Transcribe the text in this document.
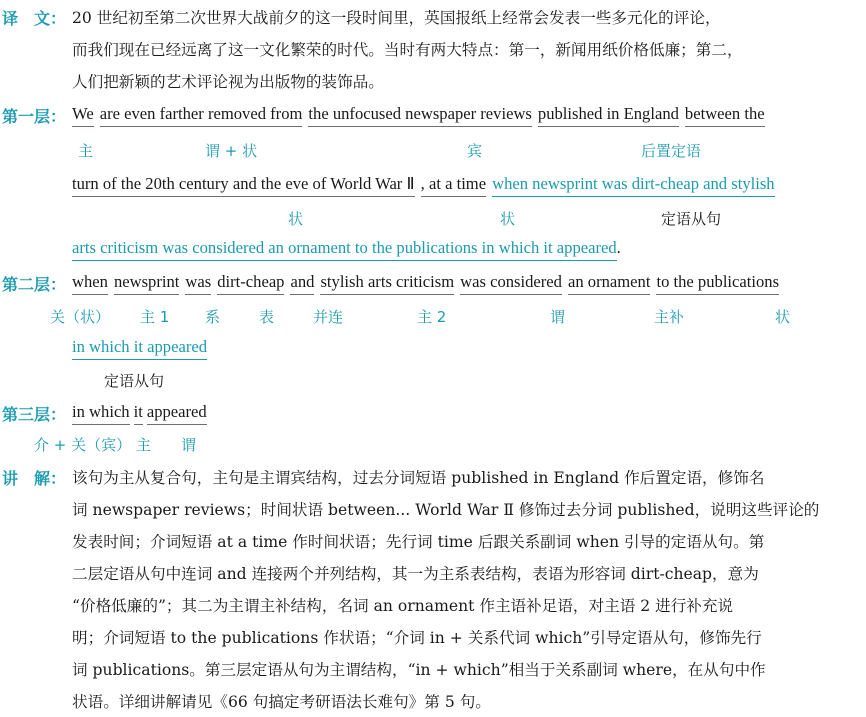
译　文： 20 世纪初至第二次世界大战前夕的这一段时间里，英国报纸上经常会发表一些多元化的评论，
而我们现在已经远离了这一文化繁荣的时代。当时有两大特点：第一，新闻用纸价格低廉；第二，
人们把新颖的艺术评论视为出版物的装饰品。
第一层： We are even farther removed from the unfocused newspaper reviews published in England between the
主	谓 + 状	宾	后置定语
turn of the 20th century and the eve of World War Ⅱ , at a time when newsprint was dirt-cheap and stylish
状	状	定语从句
arts criticism was considered an ornament to the publications in which it appeared.
第二层： when newsprint was dirt-cheap and stylish arts criticism was considered an ornament to the publications
关（状） 主 1 系	表	并连	主 2	谓	主补	状
in which it appeared
定语从句
第三层： in which it appeared
介 + 关（宾） 主 谓
讲　解： 该句为主从复合句，主句是主谓宾结构，过去分词短语 published in England 作后置定语，修饰名
词 newspaper reviews；时间状语 between... World War Ⅱ 修饰过去分词 published，说明这些评论的
发表时间；介词短语 at a time 作时间状语；先行词 time 后跟关系副词 when 引导的定语从句。第
二层定语从句中连词 and 连接两个并列结构，其一为主系表结构，表语为形容词 dirt-cheap，意为
“价格低廉的”；其二为主谓主补结构，名词 an ornament 作主语补足语，对主语 2 进行补充说
明；介词短语 to the publications 作状语；“介词 in + 关系代词 which”引导定语从句，修饰先行
词 publications。第三层定语从句为主谓结构，“in + which”相当于关系副词 where，在从句中作
状语。详细讲解请见《66 句搞定考研语法长难句》第 5 句。
